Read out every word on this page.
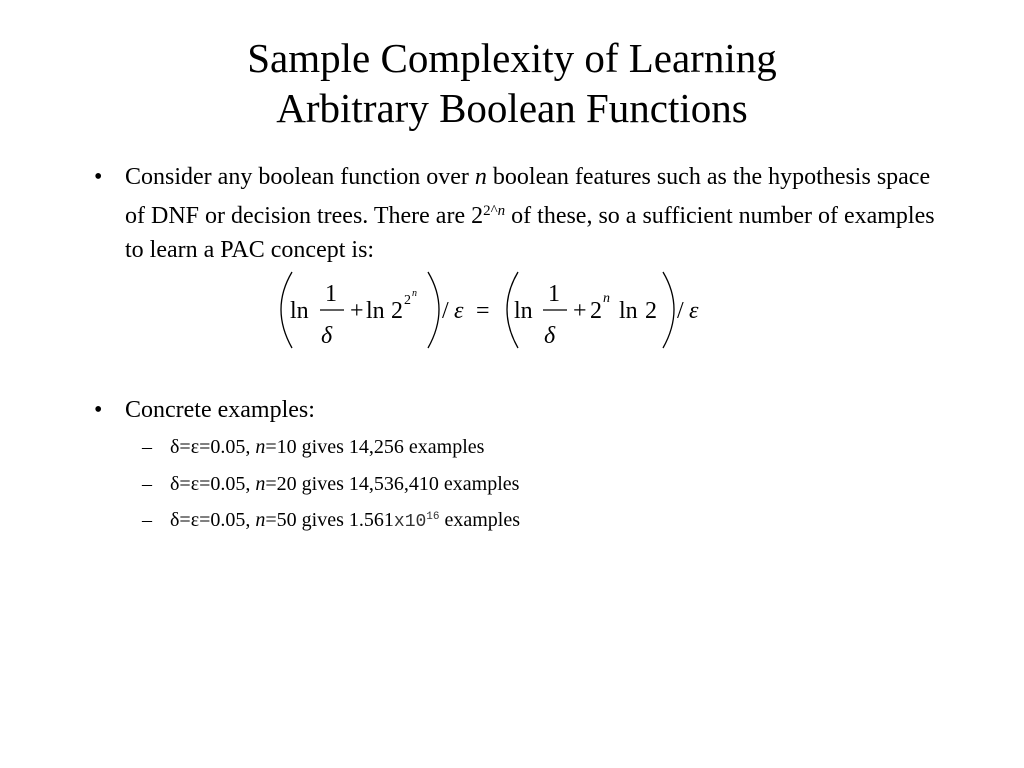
Sample Complexity of Learning
Arbitrary Boolean Functions
• Consider any boolean function over n boolean features such as the hypothesis space of DNF or decision trees. There are $2^{2\^{}n}$ of these, so a sufficient number of examples to learn a PAC concept is:
ln
1
δ
+ ln 2 2 n
/ ε = ln
1
δ
+ 2 n ln 2 / ε
• Concrete examples:
– δ=ε=0.05, n=10 gives 14,256 examples
– δ=ε=0.05, n=20 gives 14,536,410 examples
– δ=ε=0.05, n=50 gives $1.561x10^{16}$ examples
